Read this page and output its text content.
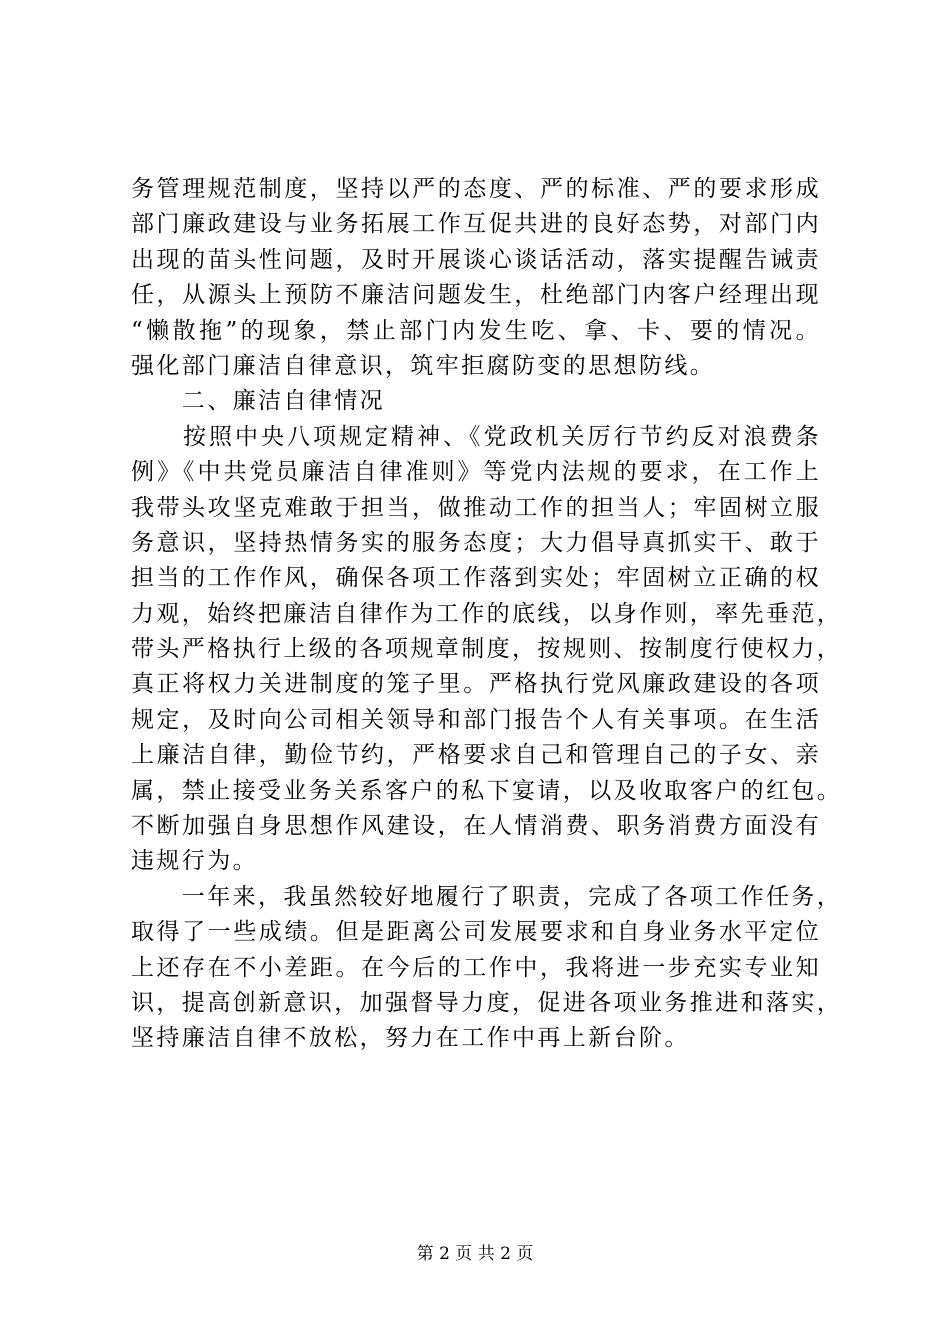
务管理规范制度，坚持以严的态度、严的标准、严的要求形成
部门廉政建设与业务拓展工作互促共进的良好态势，对部门内
出现的苗头性问题，及时开展谈心谈话活动，落实提醒告诫责
任，从源头上预防不廉洁问题发生，杜绝部门内客户经理出现
“懒散拖”的现象，禁止部门内发生吃、拿、卡、要的情况。
强化部门廉洁自律意识，筑牢拒腐防变的思想防线。
　　二、廉洁自律情况
　　按照中央八项规定精神、《党政机关厉行节约反对浪费条
例》《中共党员廉洁自律准则》等党内法规的要求，在工作上
我带头攻坚克难敢于担当，做推动工作的担当人；牢固树立服
务意识，坚持热情务实的服务态度；大力倡导真抓实干、敢于
担当的工作作风，确保各项工作落到实处；牢固树立正确的权
力观，始终把廉洁自律作为工作的底线，以身作则，率先垂范，
带头严格执行上级的各项规章制度，按规则、按制度行使权力，
真正将权力关进制度的笼子里。严格执行党风廉政建设的各项
规定，及时向公司相关领导和部门报告个人有关事项。在生活
上廉洁自律，勤俭节约，严格要求自己和管理自己的子女、亲
属，禁止接受业务关系客户的私下宴请，以及收取客户的红包。
不断加强自身思想作风建设，在人情消费、职务消费方面没有
违规行为。
　　一年来，我虽然较好地履行了职责，完成了各项工作任务，
取得了一些成绩。但是距离公司发展要求和自身业务水平定位
上还存在不小差距。在今后的工作中，我将进一步充实专业知
识，提高创新意识，加强督导力度，促进各项业务推进和落实，
坚持廉洁自律不放松，努力在工作中再上新台阶。
第 2 页 共 2 页
